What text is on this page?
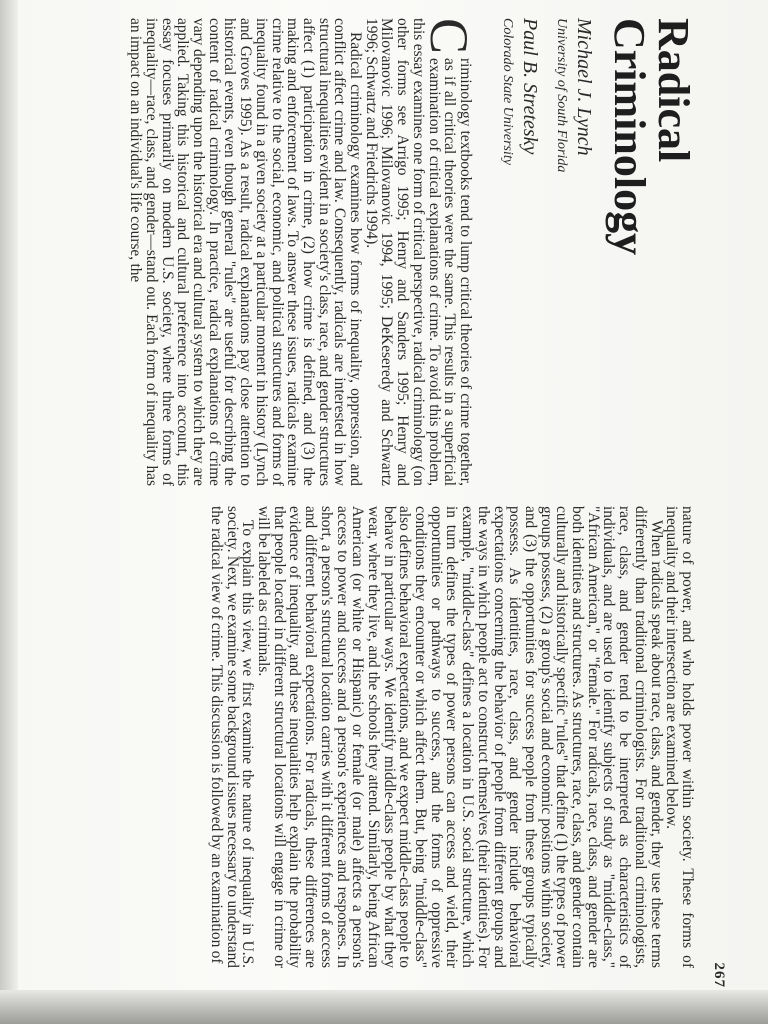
267
Radical
Criminology
Michael J. Lynch
University of South Florida
Paul B. Stretesky
Colorado State University

C
riminology textbooks tend to lump critical theories of crime together, as if all critical theories were the same. This results in a superficial examination of critical explanations of crime. To avoid this problem, this essay examines one form of critical perspective, radical criminology (on other forms see Arrigo 1995; Henry and Sanders 1995; Henry and Milovanovic 1996; Milovanovic 1994, 1995; DeKeseredy and Schwartz 1996; Schwartz and Friedrichs 1994).

Radical criminology examines how forms of inequality, oppression, and conflict affect crime and law. Consequently, radicals are interested in how structural inequalities evident in a society's class, race, and gender structures affect (1) participation in crime, (2) how crime is defined, and (3) the making and enforcement of laws. To answer these issues, radicals examine crime relative to the social, economic, and political structures and forms of inequality found in a given society at a particular moment in history (Lynch and Groves 1995). As a result, radical explanations pay close attention to historical events, even though general "rules" are useful for describing the content of radical criminology. In practice, radical explanations of crime vary depending upon the historical era and cultural system to which they are applied. Taking this historical and cultural preference into account, this essay focuses primarily on modern U.S. society, where three forms of inequality—race, class, and gender—stand out. Each form of inequality has an impact on an individual's life course, the

nature of power, and who holds power within society. These forms of inequality and their intersection are examined below.

When radicals speak about race, class, and gender, they use these terms differently than traditional criminologists. For traditional criminologists, race, class, and gender tend to be interpreted as characteristics of individuals, and are used to identify subjects of study as "middle-class," "African American," or "female." For radicals, race, class, and gender are both identities and structures. As structures, race, class, and gender contain culturally and historically specific "rules" that define (1) the types of power groups possess, (2) a group's social and economic positions within society, and (3) the opportunities for success people from these groups typically possess. As identities, race, class, and gender include behavioral expectations concerning the behavior of people from different groups and the ways in which people act to construct themselves (their identities). For example, "middle-class" defines a location in U.S. social structure, which in turn defines the types of power persons can access and wield, their opportunities or pathways to success, and the forms of oppressive conditions they encounter or which affect them. But, being "middle-class" also defines behavioral expectations, and we expect middle-class people to behave in particular ways. We identify middle-class people by what they wear, where they live, and the schools they attend. Similarly, being African American (or white or Hispanic) or female (or male) affects a person's access to power and success and a person's experiences and responses. In short, a person's structural location carries with it different forms of access and different behavioral expectations. For radicals, these differences are evidence of inequality, and these inequalities help explain the probability that people located in different structural locations will engage in crime or will be labeled as criminals.

To explain this view, we first examine the nature of inequality in U.S. society. Next, we examine some background issues necessary to understand the radical view of crime. This discussion is followed by an examination of
